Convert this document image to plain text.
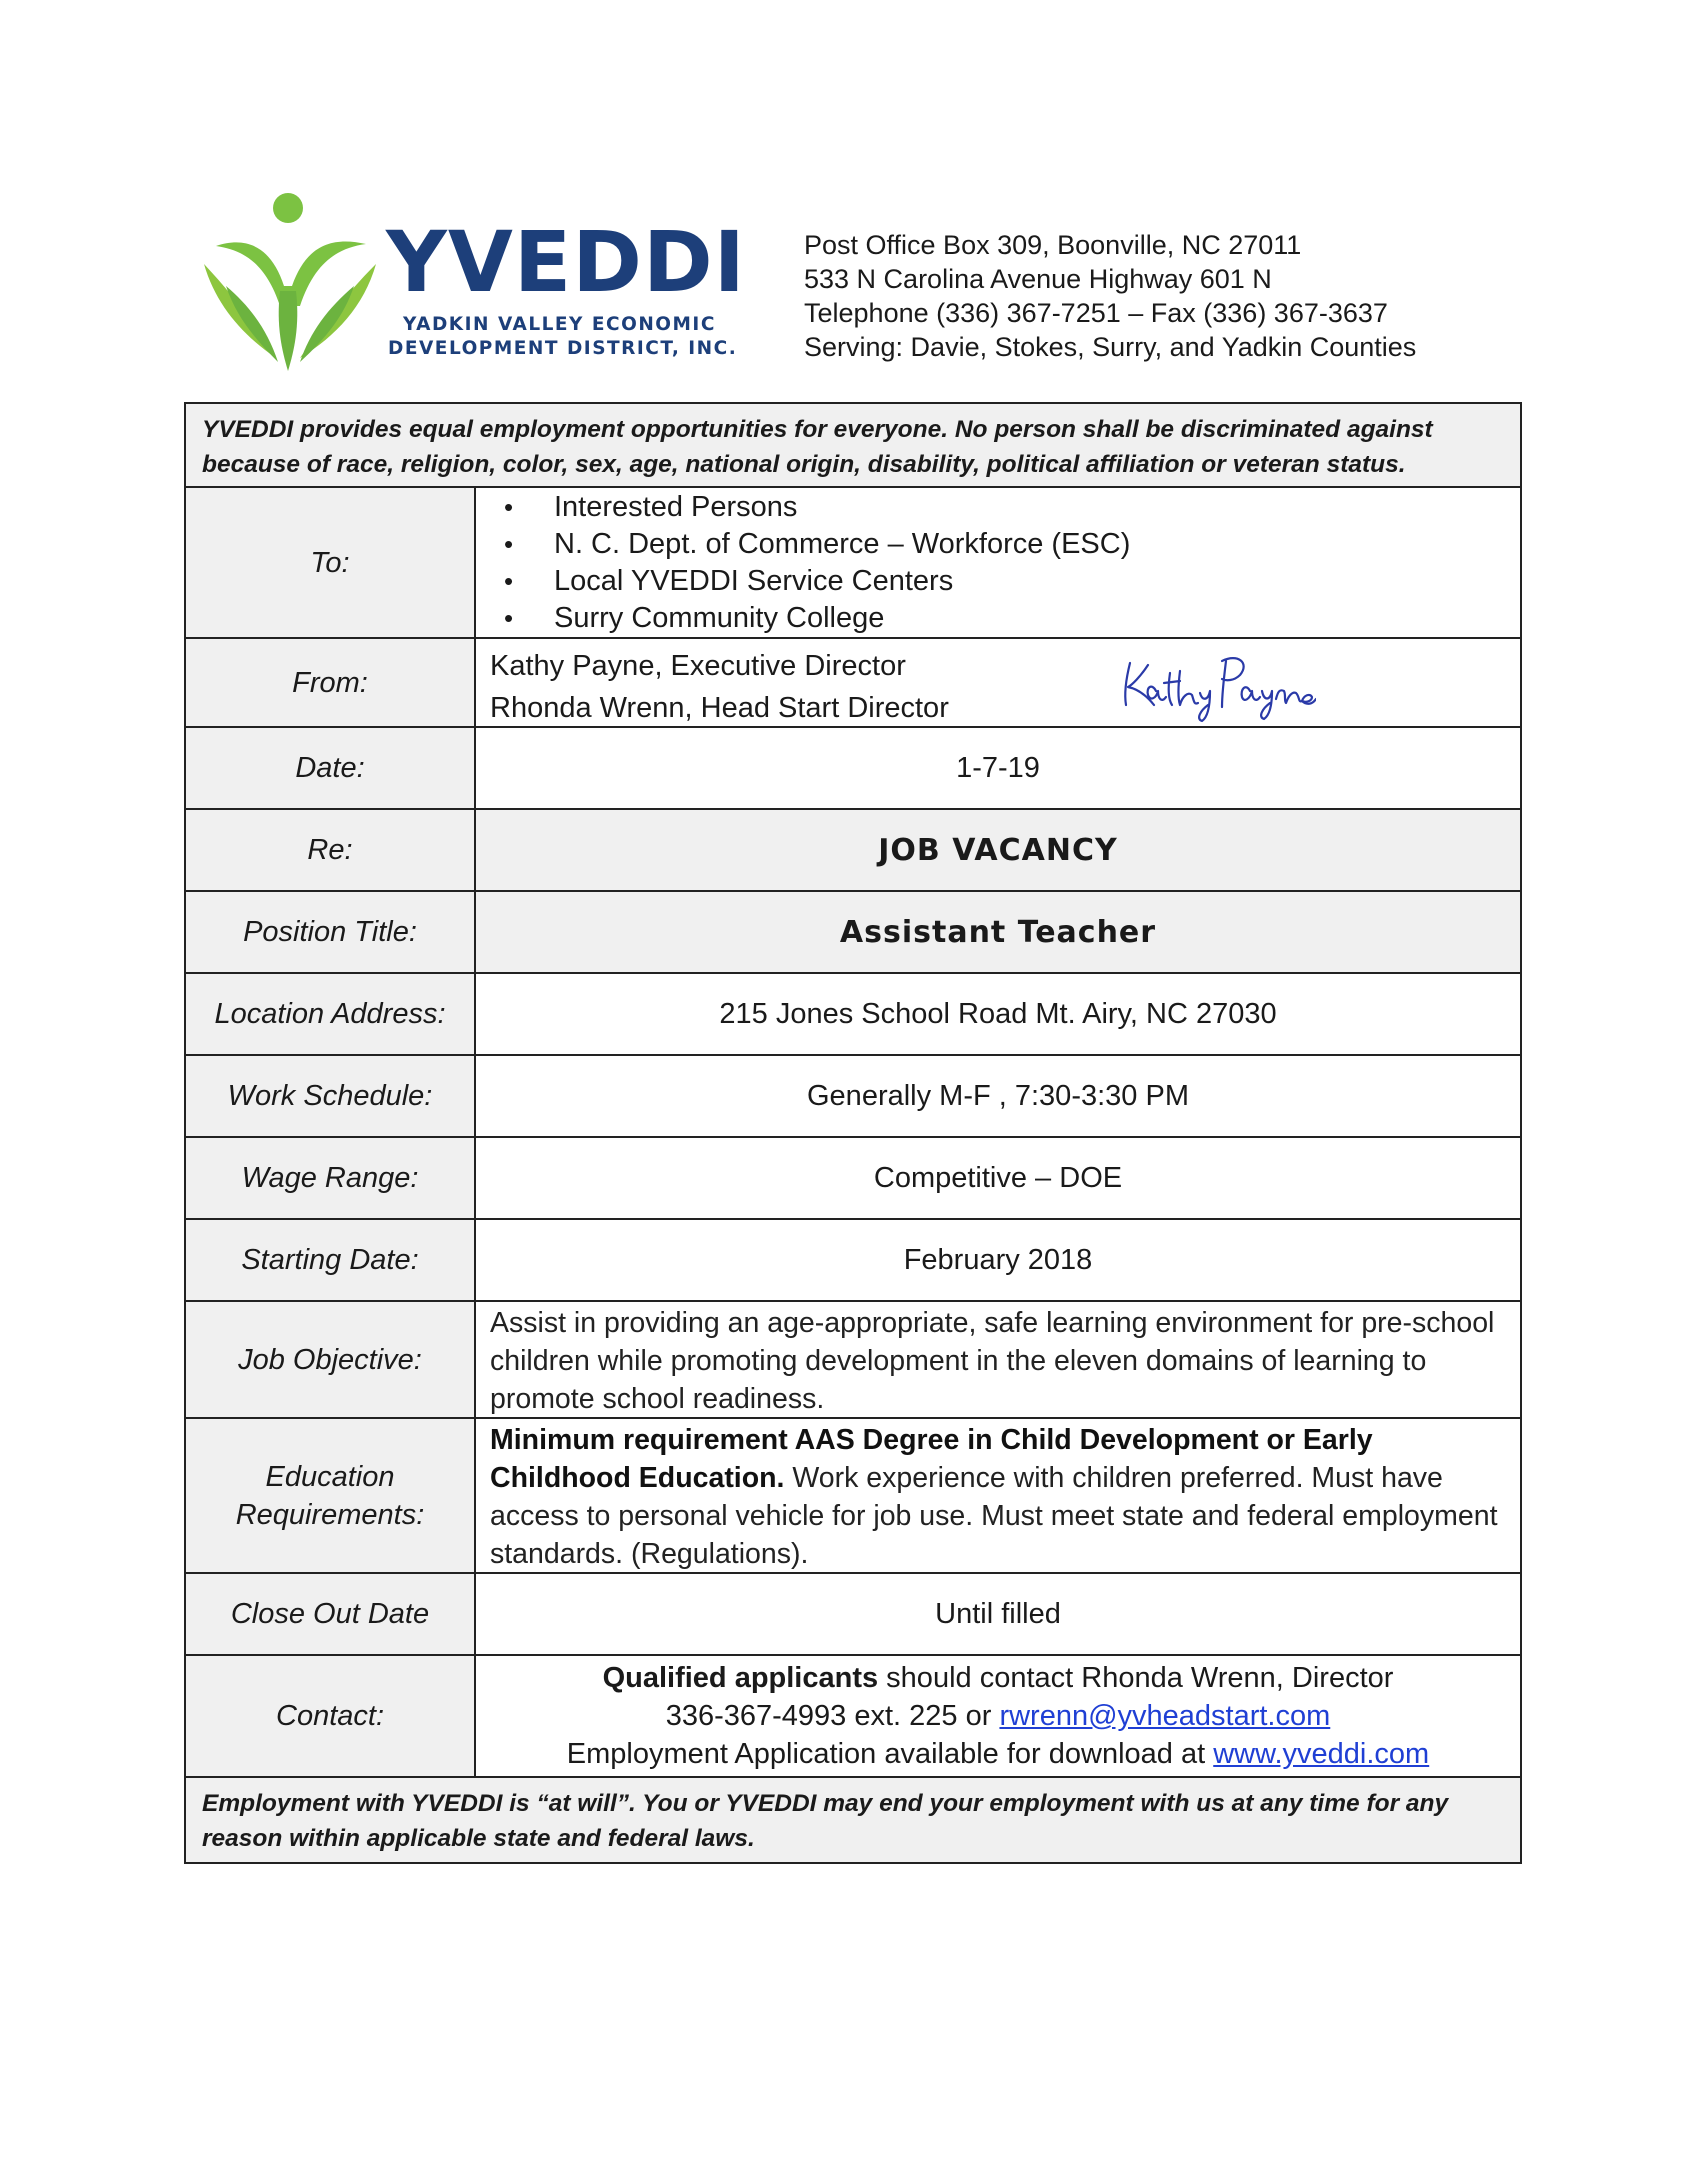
YVEDDI
YADKIN VALLEY ECONOMIC
DEVELOPMENT DISTRICT, INC.
Post Office Box 309, Boonville, NC 27011
533 N Carolina Avenue Highway 601 N
Telephone (336) 367-7251 – Fax (336) 367-3637
Serving: Davie, Stokes, Surry, and Yadkin Counties
YVEDDI provides equal employment opportunities for everyone. No person shall be discriminated against because of race, religion, color, sex, age, national origin, disability, political affiliation or veteran status.
To:
• Interested Persons
• N. C. Dept. of Commerce – Workforce (ESC)
• Local YVEDDI Service Centers
• Surry Community College
From:
Kathy Payne, Executive Director
Rhonda Wrenn, Head Start Director
Date:	1-7-19
Re:	JOB VACANCY
Position Title:	Assistant Teacher
Location Address:	215 Jones School Road Mt. Airy, NC 27030
Work Schedule:	Generally M-F , 7:30-3:30 PM
Wage Range:	Competitive – DOE
Starting Date:	February 2018
Job Objective:
Assist in providing an age-appropriate, safe learning environment for pre-school children while promoting development in the eleven domains of learning to promote school readiness.
Education
Requirements:
Minimum requirement AAS Degree in Child Development or Early Childhood Education. Work experience with children preferred. Must have access to personal vehicle for job use. Must meet state and federal employment standards. (Regulations).
Close Out Date	Until filled
Contact:
Qualified applicants should contact Rhonda Wrenn, Director
336-367-4993 ext. 225 or rwrenn@yvheadstart.com
Employment Application available for download at www.yveddi.com
Employment with YVEDDI is “at will”. You or YVEDDI may end your employment with us at any time for any reason within applicable state and federal laws.
